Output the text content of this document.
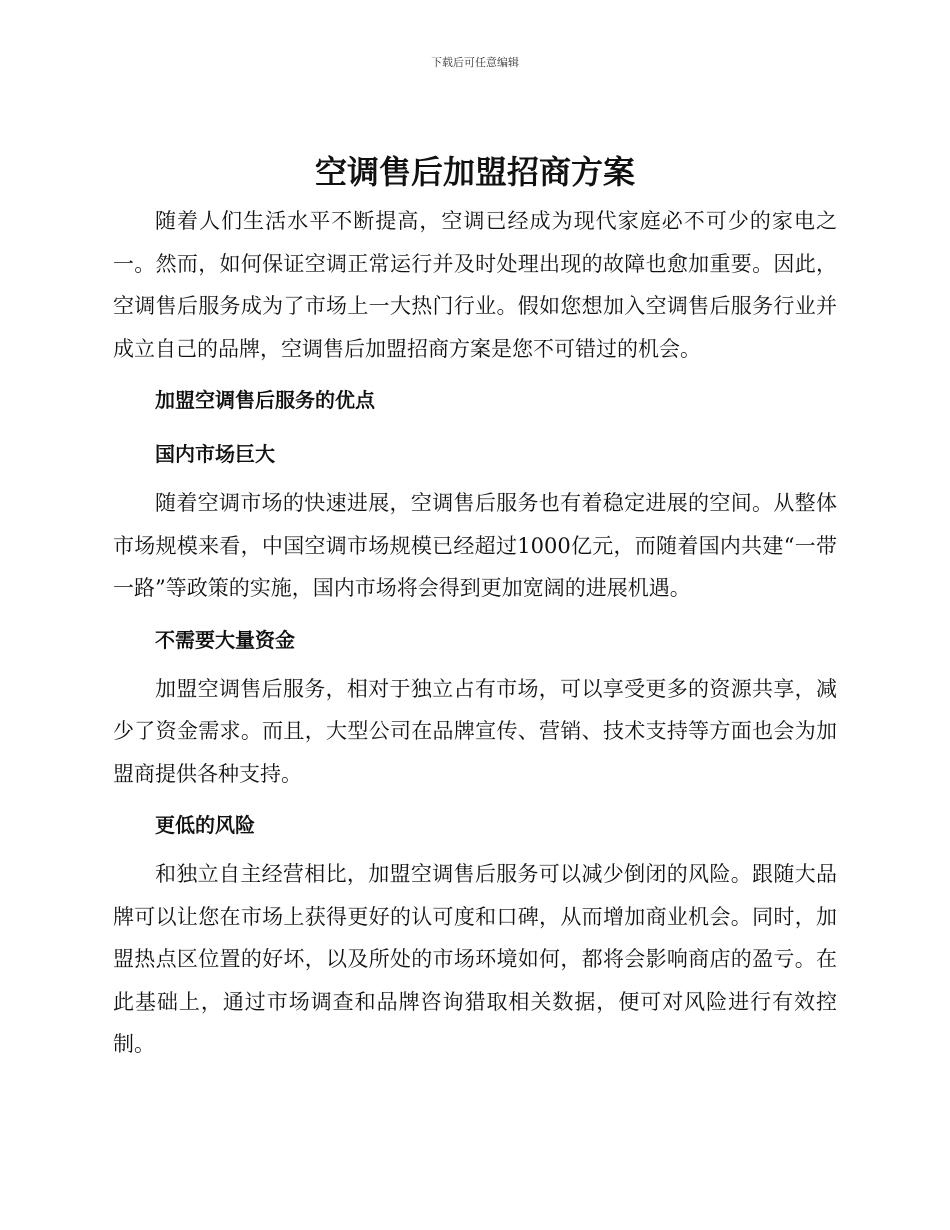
下载后可任意编辑
空调售后加盟招商方案

随着人们生活水平不断提高，空调已经成为现代家庭必不可少的家电之一。然而，如何保证空调正常运行并及时处理出现的故障也愈加重要。因此，空调售后服务成为了市场上一大热门行业。假如您想加入空调售后服务行业并成立自己的品牌，空调售后加盟招商方案是您不可错过的机会。

加盟空调售后服务的优点
国内市场巨大

随着空调市场的快速进展，空调售后服务也有着稳定进展的空间。从整体市场规模来看，中国空调市场规模已经超过1000亿元，而随着国内共建“一带一路”等政策的实施，国内市场将会得到更加宽阔的进展机遇。

不需要大量资金

加盟空调售后服务，相对于独立占有市场，可以享受更多的资源共享，减少了资金需求。而且，大型公司在品牌宣传、营销、技术支持等方面也会为加盟商提供各种支持。

更低的风险

和独立自主经营相比，加盟空调售后服务可以减少倒闭的风险。跟随大品牌可以让您在市场上获得更好的认可度和口碑，从而增加商业机会。同时，加盟热点区位置的好坏，以及所处的市场环境如何，都将会影响商店的盈亏。在此基础上，通过市场调查和品牌咨询猎取相关数据，便可对风险进行有效控制。
